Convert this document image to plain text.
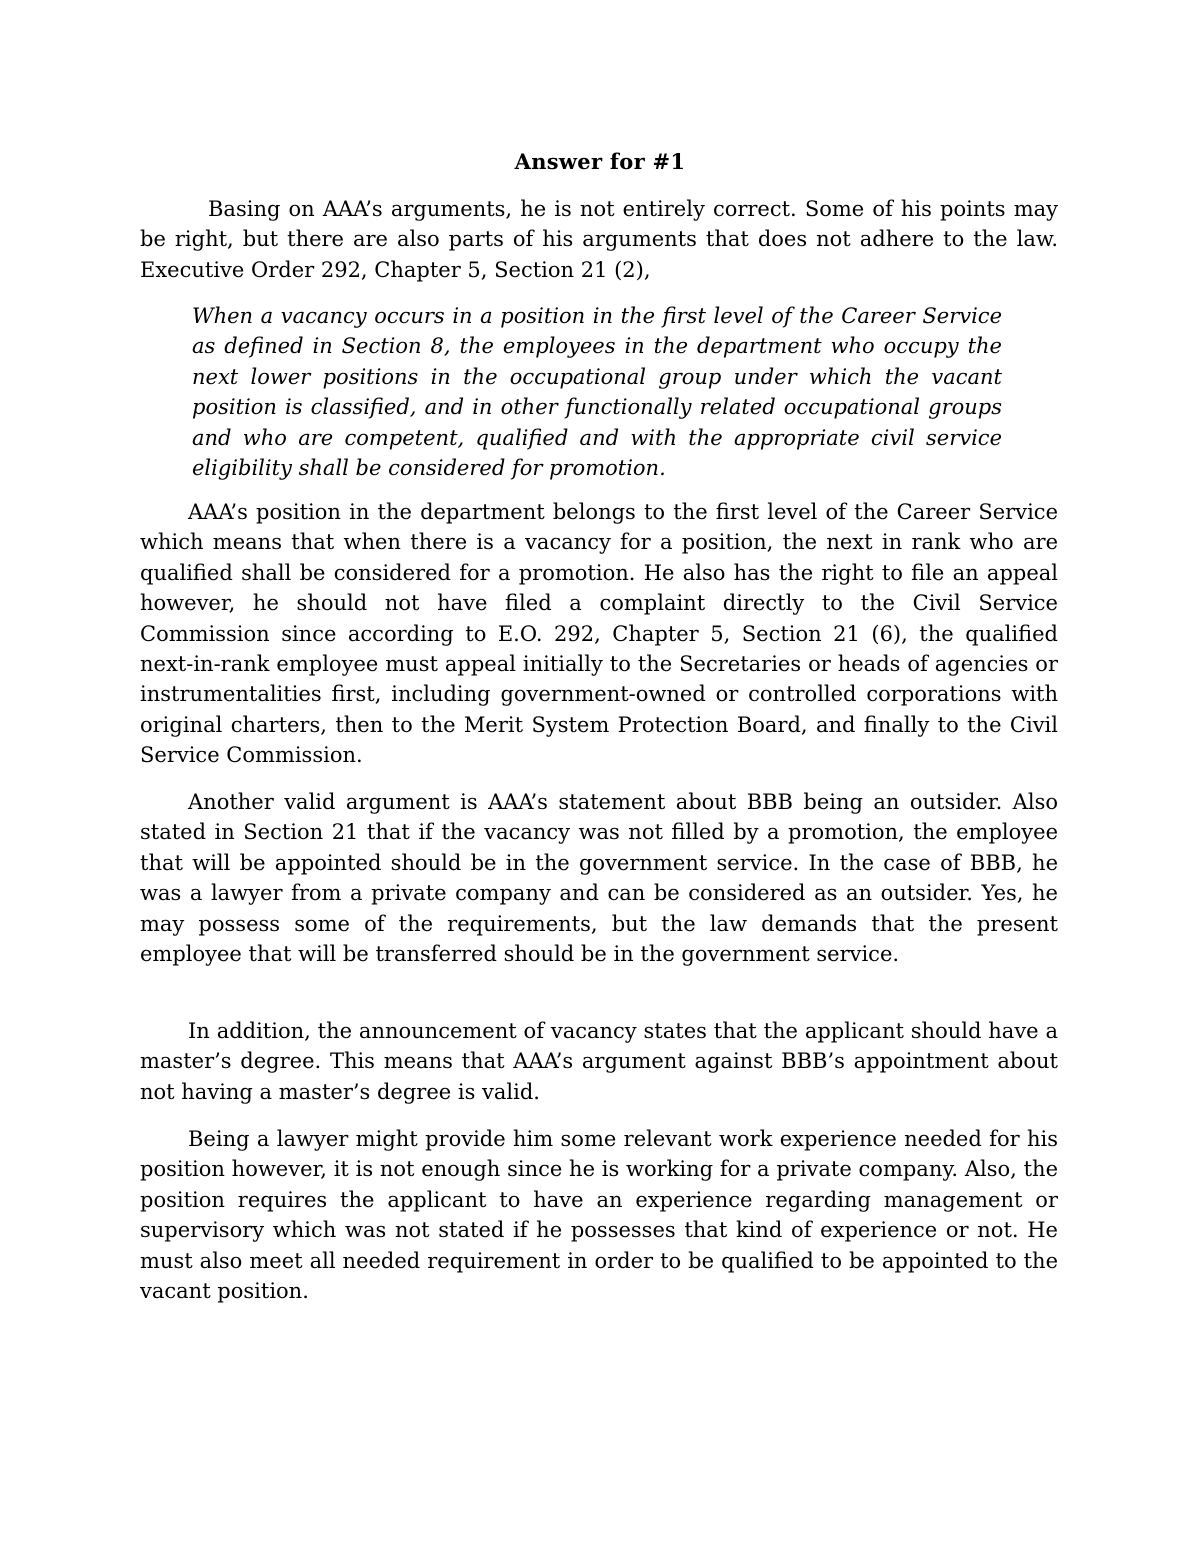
Answer for #1

Basing on AAA’s arguments, he is not entirely correct. Some of his points may be right, but there are also parts of his arguments that does not adhere to the law. Executive Order 292, Chapter 5, Section 21 (2),

When a vacancy occurs in a position in the first level of the Career Service as defined in Section 8, the employees in the department who occupy the next lower positions in the occupational group under which the vacant position is classified, and in other functionally related occupational groups and who are competent, qualified and with the appropriate civil service eligibility shall be considered for promotion.

AAA’s position in the department belongs to the first level of the Career Service which means that when there is a vacancy for a position, the next in rank who are qualified shall be considered for a promotion. He also has the right to file an appeal however, he should not have filed a complaint directly to the Civil Service Commission since according to E.O. 292, Chapter 5, Section 21 (6), the qualified next-in-rank employee must appeal initially to the Secretaries or heads of agencies or instrumentalities first, including government-owned or controlled corporations with original charters, then to the Merit System Protection Board, and finally to the Civil Service Commission.

Another valid argument is AAA’s statement about BBB being an outsider. Also stated in Section 21 that if the vacancy was not filled by a promotion, the employee that will be appointed should be in the government service. In the case of BBB, he was a lawyer from a private company and can be considered as an outsider. Yes, he may possess some of the requirements, but the law demands that the present employee that will be transferred should be in the government service.

In addition, the announcement of vacancy states that the applicant should have a master’s degree. This means that AAA’s argument against BBB’s appointment about not having a master’s degree is valid.

Being a lawyer might provide him some relevant work experience needed for his position however, it is not enough since he is working for a private company. Also, the position requires the applicant to have an experience regarding management or supervisory which was not stated if he possesses that kind of experience or not. He must also meet all needed requirement in order to be qualified to be appointed to the vacant position.
